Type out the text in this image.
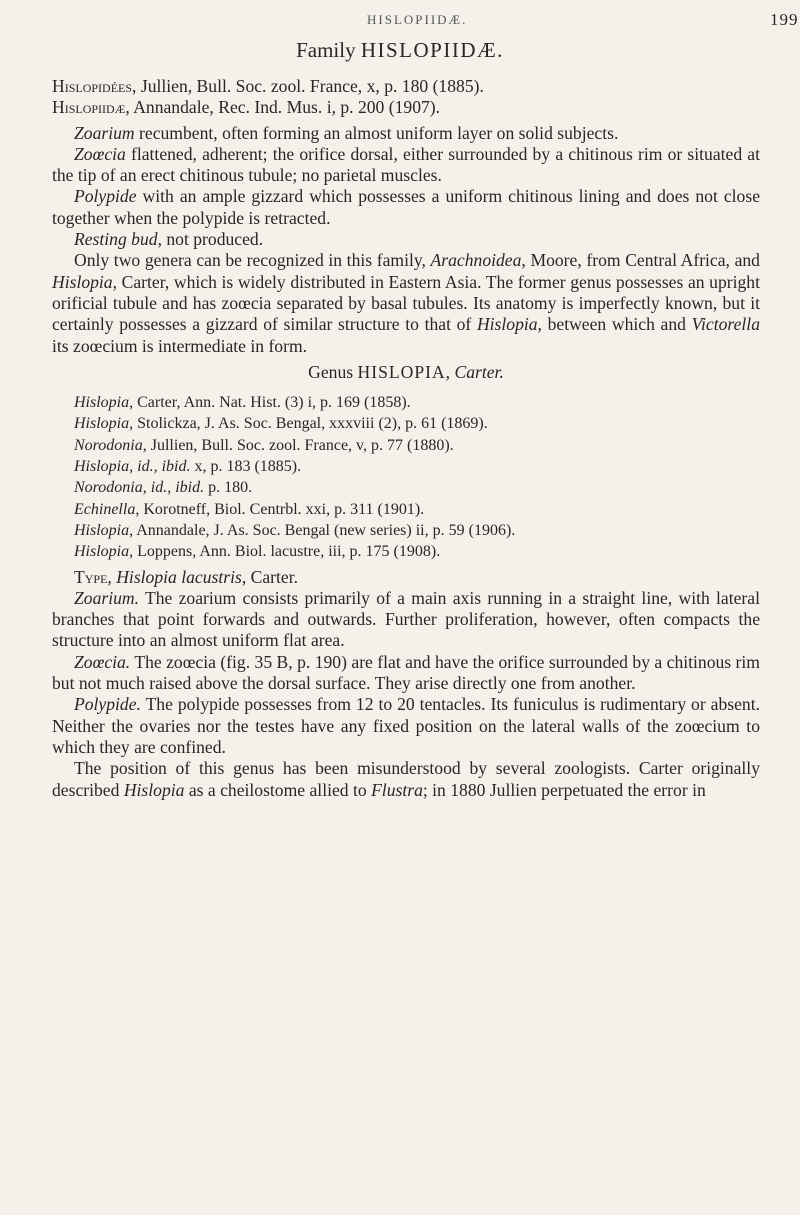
HISLOPIIDÆ.	199
Family HISLOPIIDÆ.

Hislopidées, Jullien, Bull. Soc. zool. France, x, p. 180 (1885).

Hislopiidæ, Annandale, Rec. Ind. Mus. i, p. 200 (1907).

Zoarium recumbent, often forming an almost uniform layer on solid subjects.

Zoœcia flattened, adherent; the orifice dorsal, either surrounded by a chitinous rim or situated at the tip of an erect chitinous tubule; no parietal muscles.

Polypide with an ample gizzard which possesses a uniform chitinous lining and does not close together when the polypide is retracted.

Resting bud, not produced.

Only two genera can be recognized in this family, Arachnoidea, Moore, from Central Africa, and Hislopia, Carter, which is widely distributed in Eastern Asia. The former genus possesses an upright orificial tubule and has zoœcia separated by basal tubules. Its anatomy is imperfectly known, but it certainly possesses a gizzard of similar structure to that of Hislopia, between which and Victorella its zoœcium is intermediate in form.

Genus HISLOPIA, Carter.

Hislopia, Carter, Ann. Nat. Hist. (3) i, p. 169 (1858).

Hislopia, Stolickza, J. As. Soc. Bengal, xxxviii (2), p. 61 (1869).

Norodonia, Jullien, Bull. Soc. zool. France, v, p. 77 (1880).

Hislopia, id., ibid. x, p. 183 (1885).

Norodonia, id., ibid. p. 180.

Echinella, Korotneff, Biol. Centrbl. xxi, p. 311 (1901).

Hislopia, Annandale, J. As. Soc. Bengal (new series) ii, p. 59 (1906).

Hislopia, Loppens, Ann. Biol. lacustre, iii, p. 175 (1908).

Type, Hislopia lacustris, Carter.

Zoarium. The zoarium consists primarily of a main axis running in a straight line, with lateral branches that point forwards and outwards. Further proliferation, however, often compacts the structure into an almost uniform flat area.

Zoœcia. The zoœcia (fig. 35 B, p. 190) are flat and have the orifice surrounded by a chitinous rim but not much raised above the dorsal surface. They arise directly one from another.

Polypide. The polypide possesses from 12 to 20 tentacles. Its funiculus is rudimentary or absent. Neither the ovaries nor the testes have any fixed position on the lateral walls of the zoœcium to which they are confined.

The position of this genus has been misunderstood by several zoologists. Carter originally described Hislopia as a cheilostome allied to Flustra; in 1880 Jullien perpetuated the error in
